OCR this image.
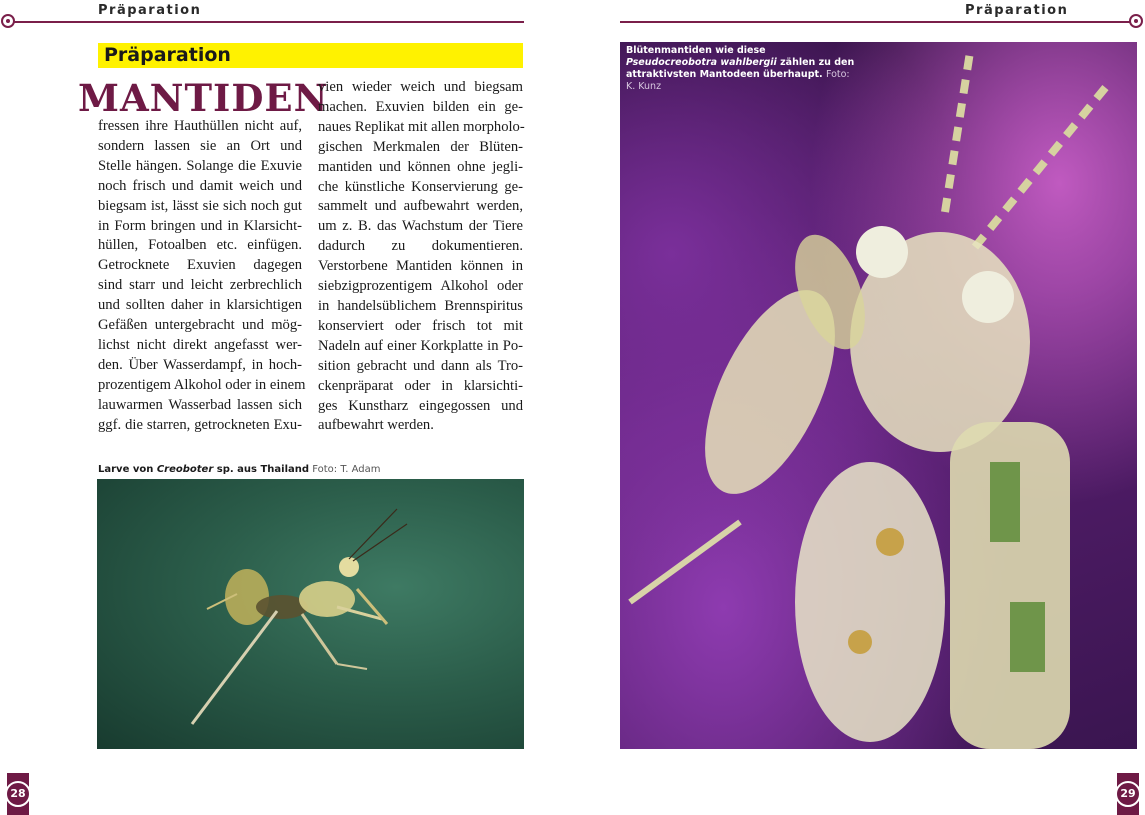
Präparation
Präparation
MANTIDEN
fressen ihre Hauthüllen nicht auf,
sondern lassen sie an Ort und
Stelle hängen. Solange die Exuvie
noch frisch und damit weich und
biegsam ist, lässt sie sich noch gut
in Form bringen und in Klarsicht-
hüllen, Fotoalben etc. einfügen.
Getrocknete Exuvien dagegen
sind starr und leicht zerbrechlich
und sollten daher in klarsichtigen
Gefäßen untergebracht und mög-
lichst nicht direkt angefasst wer-
den. Über Wasserdampf, in hoch-
prozentigem Alkohol oder in einem
lauwarmen Wasserbad lassen sich
ggf. die starren, getrockneten Exu-
vien wieder weich und biegsam
machen. Exuvien bilden ein ge-
naues Replikat mit allen morpholo-
gischen Merkmalen der Blüten-
mantiden und können ohne jegli-
che künstliche Konservierung ge-
sammelt und aufbewahrt werden,
um z. B. das Wachstum der Tiere
dadurch zu dokumentieren.
Verstorbene Mantiden können in
siebzigprozentigem Alkohol oder
in handelsüblichem Brennspiritus
konserviert oder frisch tot mit
Nadeln auf einer Korkplatte in Po-
sition gebracht und dann als Tro-
ckenpräparat oder in klarsichti-
ges Kunstharz eingegossen und
aufbewahrt werden.
Larve von Creoboter sp. aus Thailand Foto: T. Adam
28
Präparation
Blütenmantiden wie diese Pseudocreobotra wahlbergii zählen zu den attraktivsten Mantodeen überhaupt. Foto: K. Kunz
29
